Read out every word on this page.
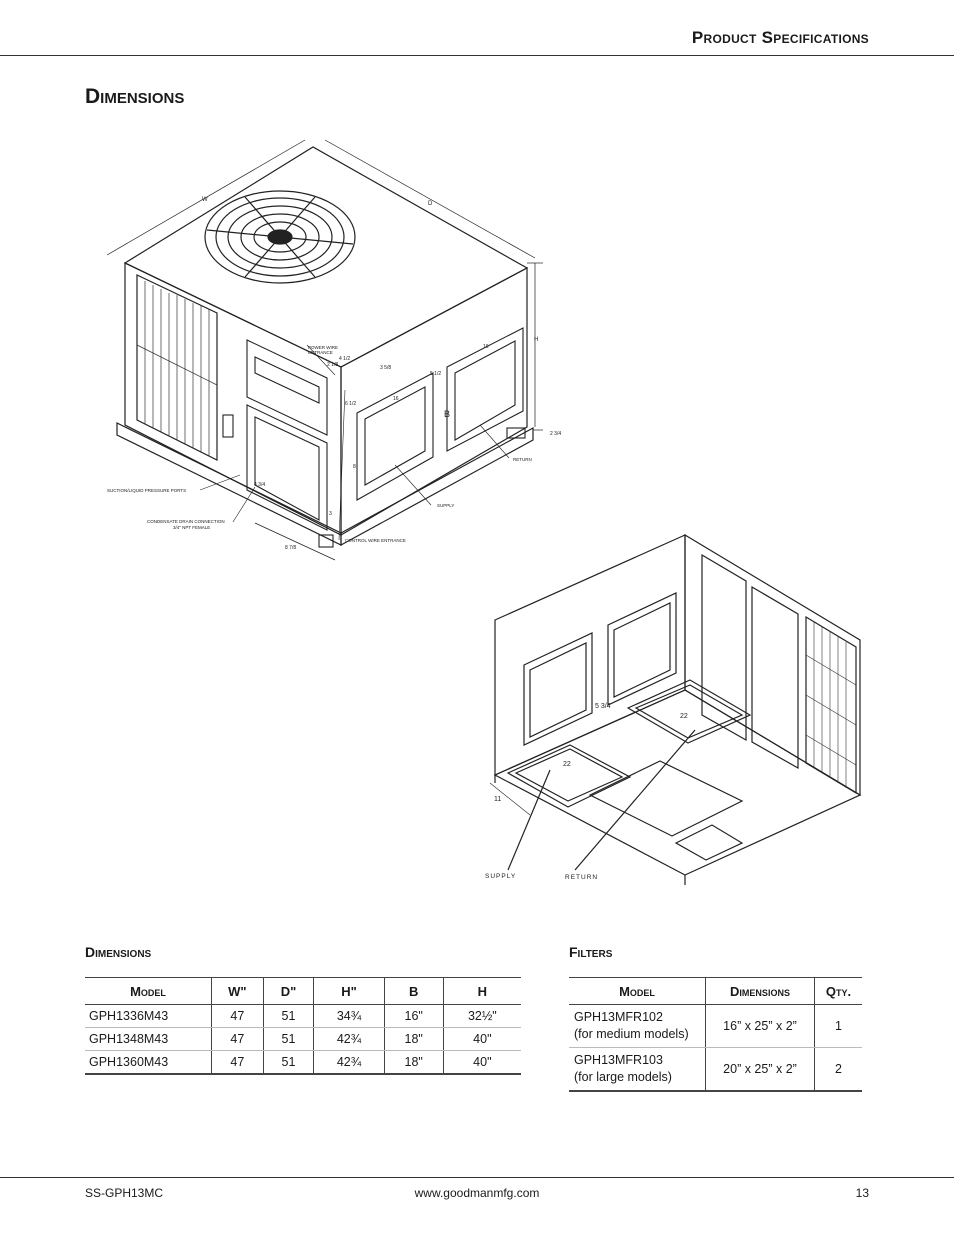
Product Specifications
Dimensions
W
D
H
B
POWER WIRE
ENTRANCE
4 1/2
2 1/8	3 5/8
5 1/2
6 1/2
16
16
8
4 3/4
2 3/4
8 7/8
3
SUCTION/LIQUID PRESSURE PORTS
CONDENSATE DRAIN CONNECTION
3/4" NPT FEMALE
CONTROL WIRE ENTRANCE
SUPPLY
RETURN
5 3/4
22
22
11
SUPPLY	RETURN
Dimensions
Model	W"	D"	H"	B	H
GPH1336M43	47	51	34¾	16"	32½"
GPH1348M43	47	51	42¾	18"	40"
GPH1360M43	47	51	42¾	18"	40"
Filters
Model	Dimensions	Qty.
GPH13MFR102
(for medium models)	16” x 25” x 2”	1
GPH13MFR103
(for large models)	20” x 25” x 2”	2
SS-GPH13MC	www.goodmanmfg.com	13
